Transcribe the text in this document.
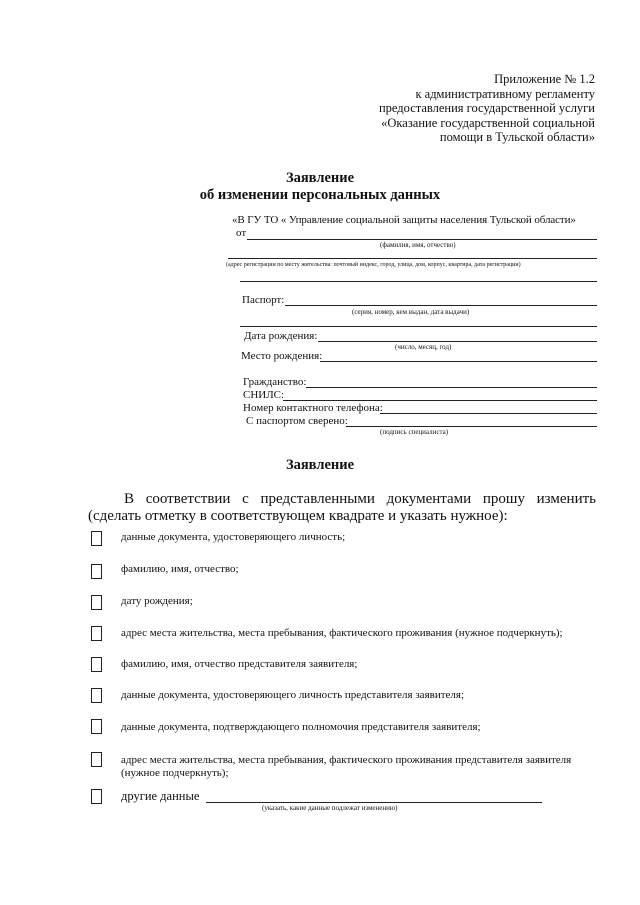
Приложение № 1.2
к административному регламенту
предоставления государственной услуги
«Оказание государственной социальной
помощи в Тульской области»
Заявление
об изменении персональных данных
«В ГУ ТО « Управление социальной защиты населения Тульской области»
от
(фамилия, имя, отчество)
(адрес регистрации по месту жительства: почтовый индекс, город, улица, дом, корпус, квартира, дата регистрации)
Паспорт:
(серия, номер, кем выдан, дата выдачи)
Дата рождения:
(число, месяц, год)
Место рождения:
Гражданство:
СНИЛС:
Номер контактного телефона:
С паспортом сверено:
(подпись специалиста)
Заявление
В соответствии с представленными документами прошу изменить (сделать отметку в соответствующем квадрате и указать нужное):
данные документа, удостоверяющего личность;
фамилию, имя, отчество;
дату рождения;
адрес места жительства, места пребывания, фактического проживания (нужное подчеркнуть);
фамилию, имя, отчество представителя заявителя;
данные документа, удостоверяющего личность представителя заявителя;
данные документа, подтверждающего полномочия представителя заявителя;
адрес места жительства, места пребывания, фактического проживания представителя заявителя (нужное подчеркнуть);
другие данные
(указать, какие данные подлежат изменению)
